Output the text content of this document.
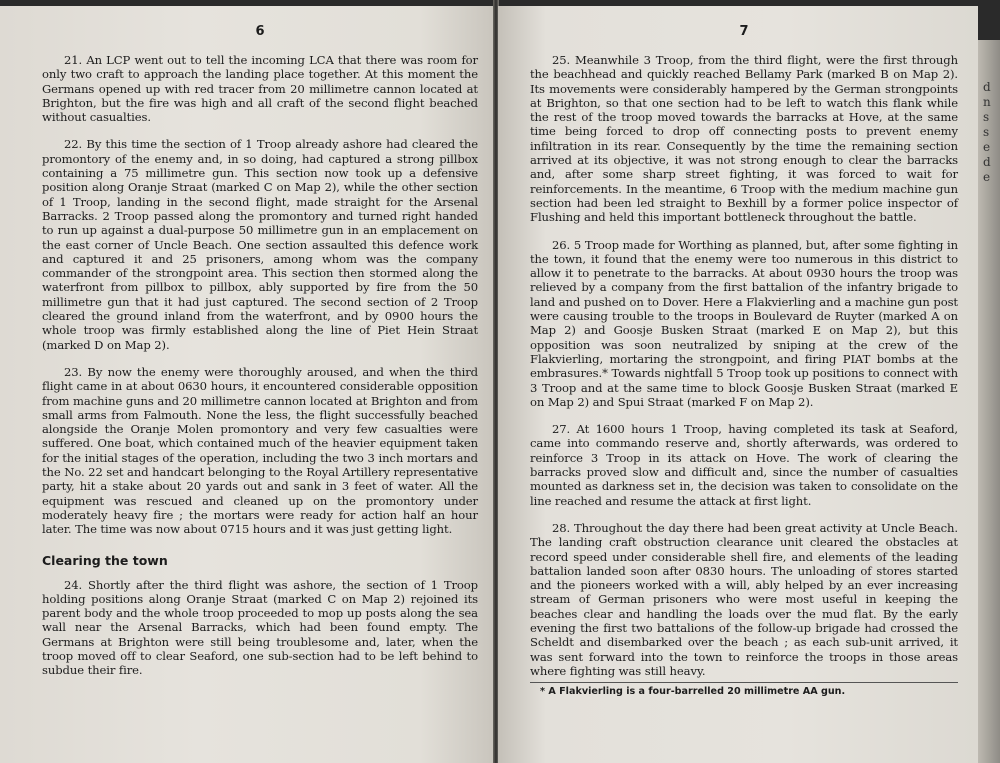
6

21. An LCP went out to tell the incoming LCA that there was room for only two craft to approach the landing place together. At this moment the Germans opened up with red tracer from 20 millimetre cannon located at Brighton, but the fire was high and all craft of the second flight beached without casualties.

22. By this time the section of 1 Troop already ashore had cleared the promontory of the enemy and, in so doing, had captured a strong pillbox containing a 75 millimetre gun. This section now took up a defensive position along Oranje Straat (marked C on Map 2), while the other section of 1 Troop, landing in the second flight, made straight for the Arsenal Barracks. 2 Troop passed along the promontory and turned right handed to run up against a dual-purpose 50 millimetre gun in an emplacement on the east corner of Uncle Beach. One section assaulted this defence work and captured it and 25 prisoners, among whom was the company commander of the strongpoint area. This section then stormed along the waterfront from pillbox to pillbox, ably supported by fire from the 50 millimetre gun that it had just captured. The second section of 2 Troop cleared the ground inland from the waterfront, and by 0900 hours the whole troop was firmly established along the line of Piet Hein Straat (marked D on Map 2).

23. By now the enemy were thoroughly aroused, and when the third flight came in at about 0630 hours, it encountered considerable opposition from machine guns and 20 millimetre cannon located at Brighton and from small arms from Falmouth. None the less, the flight successfully beached alongside the Oranje Molen promontory and very few casualties were suffered. One boat, which contained much of the heavier equipment taken for the initial stages of the operation, including the two 3 inch mortars and the No. 22 set and handcart belonging to the Royal Artillery representative party, hit a stake about 20 yards out and sank in 3 feet of water. All the equipment was rescued and cleaned up on the promontory under moderately heavy fire ; the mortars were ready for action half an hour later. The time was now about 0715 hours and it was just getting light.

Clearing the town

24. Shortly after the third flight was ashore, the section of 1 Troop holding positions along Oranje Straat (marked C on Map 2) rejoined its parent body and the whole troop proceeded to mop up posts along the sea wall near the Arsenal Barracks, which had been found empty. The Germans at Brighton were still being troublesome and, later, when the troop moved off to clear Seaford, one sub-section had to be left behind to subdue their fire.

7

25. Meanwhile 3 Troop, from the third flight, were the first through the beachhead and quickly reached Bellamy Park (marked B on Map 2). Its movements were considerably hampered by the German strongpoints at Brighton, so that one section had to be left to watch this flank while the rest of the troop moved towards the barracks at Hove, at the same time being forced to drop off connecting posts to prevent enemy infiltration in its rear. Consequently by the time the remaining section arrived at its objective, it was not strong enough to clear the barracks and, after some sharp street fighting, it was forced to wait for reinforcements. In the meantime, 6 Troop with the medium machine gun section had been led straight to Bexhill by a former police inspector of Flushing and held this important bottleneck throughout the battle.

26. 5 Troop made for Worthing as planned, but, after some fighting in the town, it found that the enemy were too numerous in this district to allow it to penetrate to the barracks. At about 0930 hours the troop was relieved by a company from the first battalion of the infantry brigade to land and pushed on to Dover. Here a Flakvierling and a machine gun post were causing trouble to the troops in Boulevard de Ruyter (marked A on Map 2) and Goosje Busken Straat (marked E on Map 2), but this opposition was soon neutralized by sniping at the crew of the Flakvierling, mortaring the strongpoint, and firing PIAT bombs at the embrasures.* Towards nightfall 5 Troop took up positions to connect with 3 Troop and at the same time to block Goosje Busken Straat (marked E on Map 2) and Spui Straat (marked F on Map 2).

27. At 1600 hours 1 Troop, having completed its task at Seaford, came into commando reserve and, shortly afterwards, was ordered to reinforce 3 Troop in its attack on Hove. The work of clearing the barracks proved slow and difficult and, since the number of casualties mounted as darkness set in, the decision was taken to consolidate on the line reached and resume the attack at first light.

28. Throughout the day there had been great activity at Uncle Beach. The landing craft obstruction clearance unit cleared the obstacles at record speed under considerable shell fire, and elements of the leading battalion landed soon after 0830 hours. The unloading of stores started and the pioneers worked with a will, ably helped by an ever increasing stream of German prisoners who were most useful in keeping the beaches clear and handling the loads over the mud flat. By the early evening the first two battalions of the follow-up brigade had crossed the Scheldt and disembarked over the beach ; as each sub-unit arrived, it was sent forward into the town to reinforce the troops in those areas where fighting was still heavy.

* A Flakvierling is a four-barrelled 20 millimetre AA gun.
d
n
s
s
e
d
e
